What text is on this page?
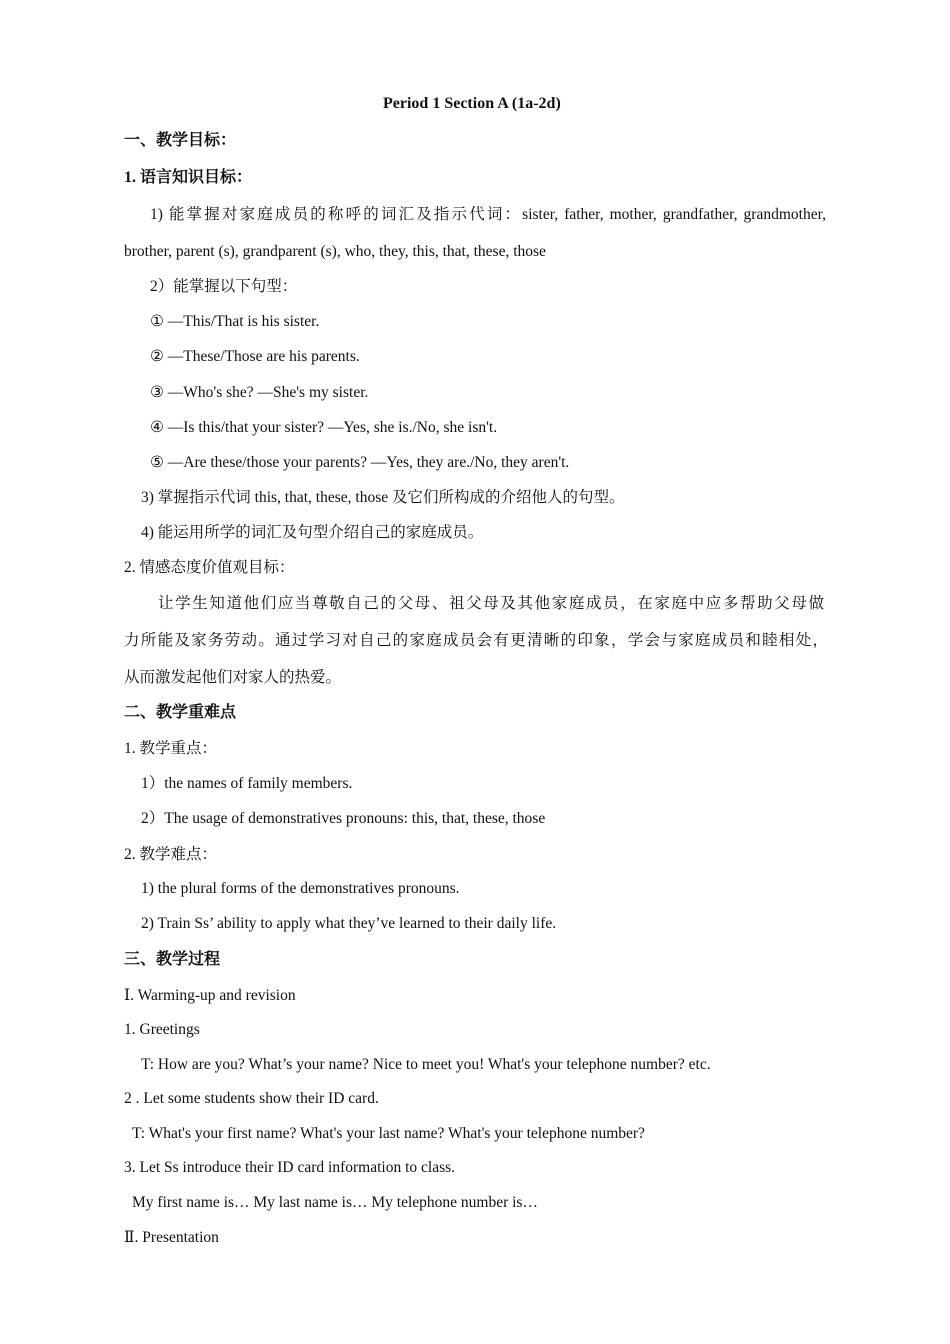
Period 1 Section A (1a-2d)
一、教学目标：
1. 语言知识目标：
1) 能掌握对家庭成员的称呼的词汇及指示代词：sister, father, mother, grandfather, grandmother,
brother, parent (s), grandparent (s), who, they, this, that, these, those
2）能掌握以下句型：
① —This/That is his sister.
② —These/Those are his parents.
③ —Who's she? —She's my sister.
④ —Is this/that your sister? —Yes, she is./No, she isn't.
⑤ —Are these/those your parents? —Yes, they are./No, they aren't.
3) 掌握指示代词 this, that, these, those 及它们所构成的介绍他人的句型。
4) 能运用所学的词汇及句型介绍自己的家庭成员。
2. 情感态度价值观目标：
让学生知道他们应当尊敬自己的父母、祖父母及其他家庭成员，在家庭中应多帮助父母做
力所能及家务劳动。通过学习对自己的家庭成员会有更清晰的印象，学会与家庭成员和睦相处，
从而激发起他们对家人的热爱。
二、教学重难点
1. 教学重点：
1）the names of family members.
2）The usage of demonstratives pronouns: this, that, these, those
2. 教学难点：
1) the plural forms of the demonstratives pronouns.
2) Train Ss’ ability to apply what they’ve learned to their daily life.
三、教学过程
Ⅰ. Warming-up and revision
1. Greetings
T: How are you? What’s your name? Nice to meet you! What's your telephone number? etc.
2 . Let some students show their ID card.
T: What's your first name? What's your last name? What's your telephone number?
3. Let Ss introduce their ID card information to class.
My first name is… My last name is… My telephone number is…
Ⅱ. Presentation
